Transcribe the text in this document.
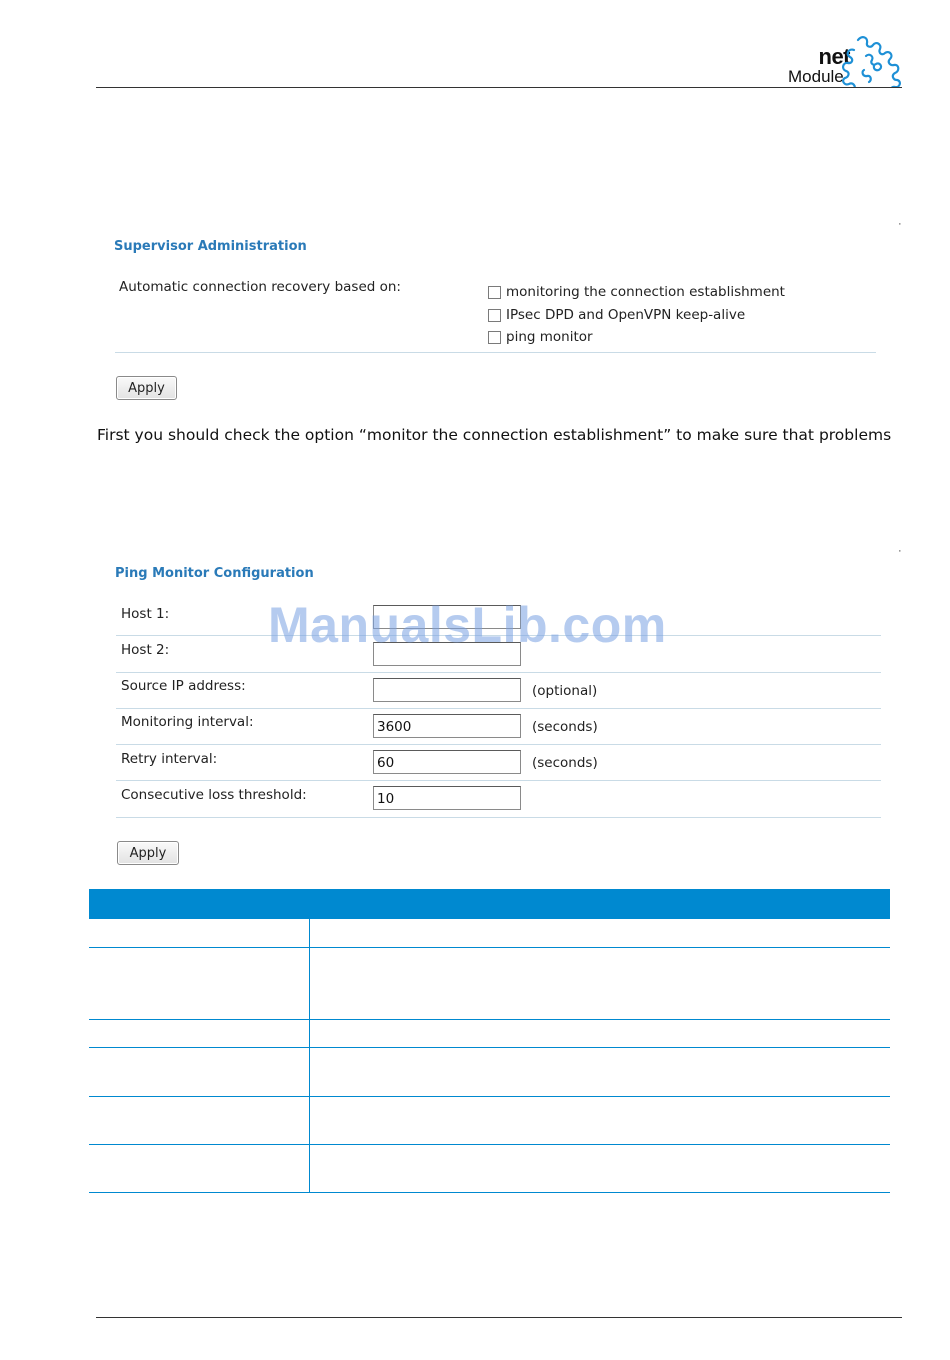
net
Module
·
·
Supervisor Administration
Automatic connection recovery based on:	monitoring the connection establishment
IPsec DPD and OpenVPN keep-alive
ping monitor
Apply
First you should check the option “monitor the connection establishment” to make sure that problems
Ping Monitor Configuration
Host 1:
Host 2:
Source IP address:	(optional)
Monitoring interval:	3600	(seconds)
Retry interval:	60	(seconds)
Consecutive loss threshold:	10
ManualsLib.com
Apply
